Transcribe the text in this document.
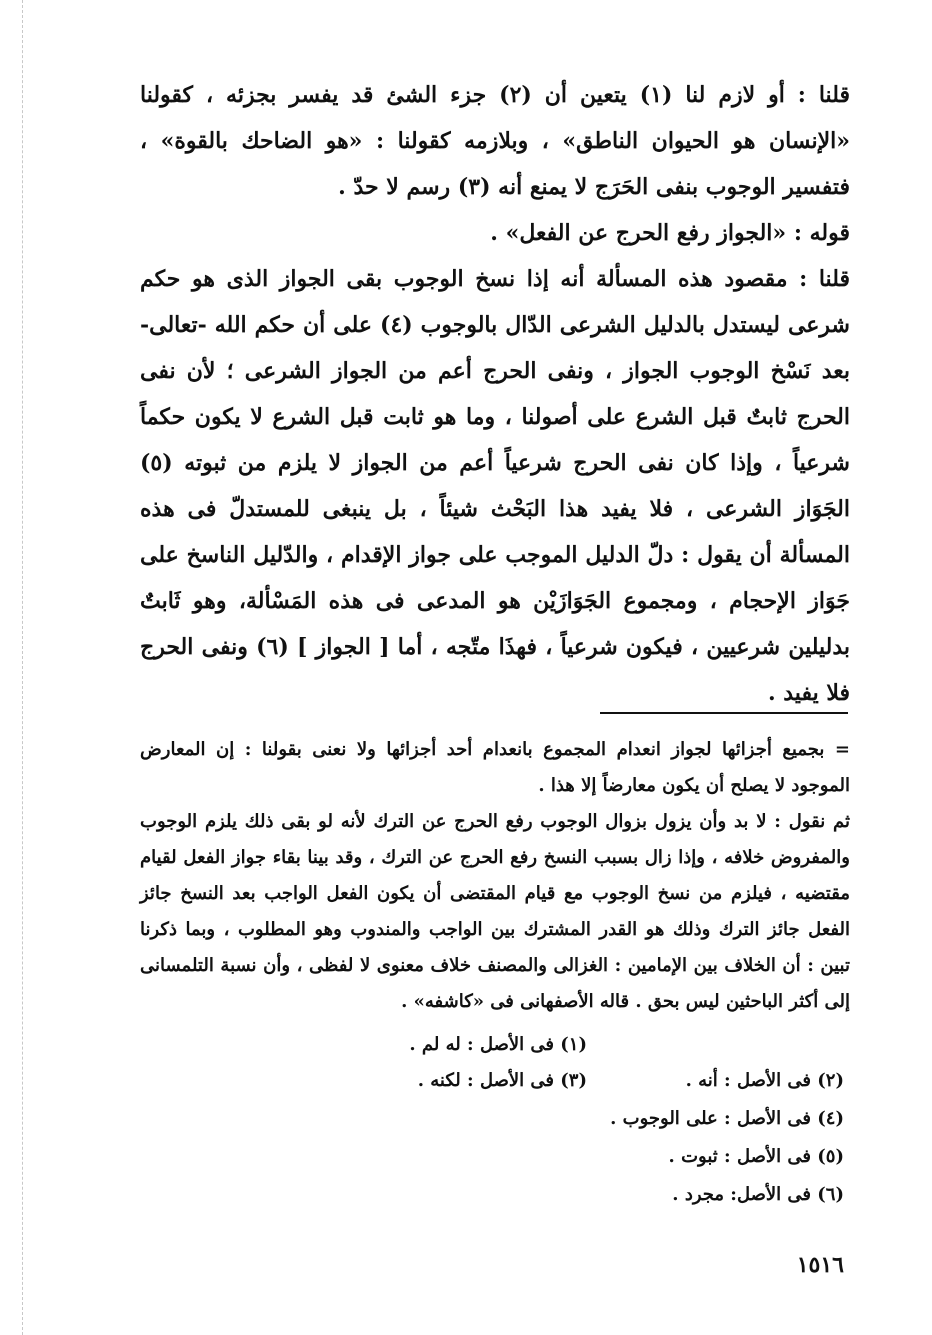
قلنا : أو لازم لنا (١) يتعين أن (٢) جزء الشئ قد يفسر بجزئه ، كقولنا «الإنسان هو الحيوان الناطق» ، وبلازمه كقولنا : «هو الضاحك بالقوة» ، فتفسير الوجوب بنفى الحَرَج لا يمنع أنه (٣) رسم لا حدّ .

قوله : «الجواز رفع الحرج عن الفعل» .

قلنا : مقصود هذه المسألة أنه إذا نسخ الوجوب بقى الجواز الذى هو حكم شرعى ليستدل بالدليل الشرعى الدّال بالوجوب (٤) على أن حكم الله -تعالى- بعد نَسْخ الوجوب الجواز ، ونفى الحرج أعم من الجواز الشرعى ؛ لأن نفى الحرج ثابتٌ قبل الشرع على أصولنا ، وما هو ثابت قبل الشرع لا يكون حكماً شرعياً ، وإذا كان نفى الحرج شرعياً أعم من الجواز لا يلزم من ثبوته (٥) الجَوَاز الشرعى ، فلا يفيد هذا البَحْث شيئاً ، بل ينبغى للمستدلّ فى هذه المسألة أن يقول : دلّ الدليل الموجب على جواز الإقدام ، والدّليل الناسخ على جَوَاز الإحجام ، ومجموع الجَوَازَيْن هو المدعى فى هذه المَسْألة، وهو ثَابتٌ بدليلين شرعيين ، فيكون شرعياً ، فهذَا متّجه ، أما [ الجواز ] (٦) ونفى الحرج فلا يفيد .

= بجميع أجزائها لجواز انعدام المجموع بانعدام أحد أجزائها ولا نعنى بقولنا : إن المعارض الموجود لا يصلح أن يكون معارضاً إلا هذا .

ثم نقول : لا بد وأن يزول بزوال الوجوب رفع الحرج عن الترك لأنه لو بقى ذلك يلزم الوجوب والمفروض خلافه ، وإذا زال بسبب النسخ رفع الحرج عن الترك ، وقد بينا بقاء جواز الفعل لقيام مقتضيه ، فيلزم من نسخ الوجوب مع قيام المقتضى أن يكون الفعل الواجب بعد النسخ جائز الفعل جائز الترك وذلك هو القدر المشترك بين الواجب والمندوب وهو المطلوب ، وبما ذكرنا تبين : أن الخلاف بين الإمامين : الغزالى والمصنف خلاف معنوى لا لفظى ، وأن نسبة التلمسانى إلى أكثر الباحثين ليس بحق . قاله الأصفهانى فى «كاشفه» .

(١) فى الأصل : له لم .
(٢) فى الأصل : أنه .
(٣) فى الأصل : لكنه .
(٤) فى الأصل : على الوجوب .
(٥) فى الأصل : ثبوت .
(٦) فى الأصل: مجرد .
١٥١٦
